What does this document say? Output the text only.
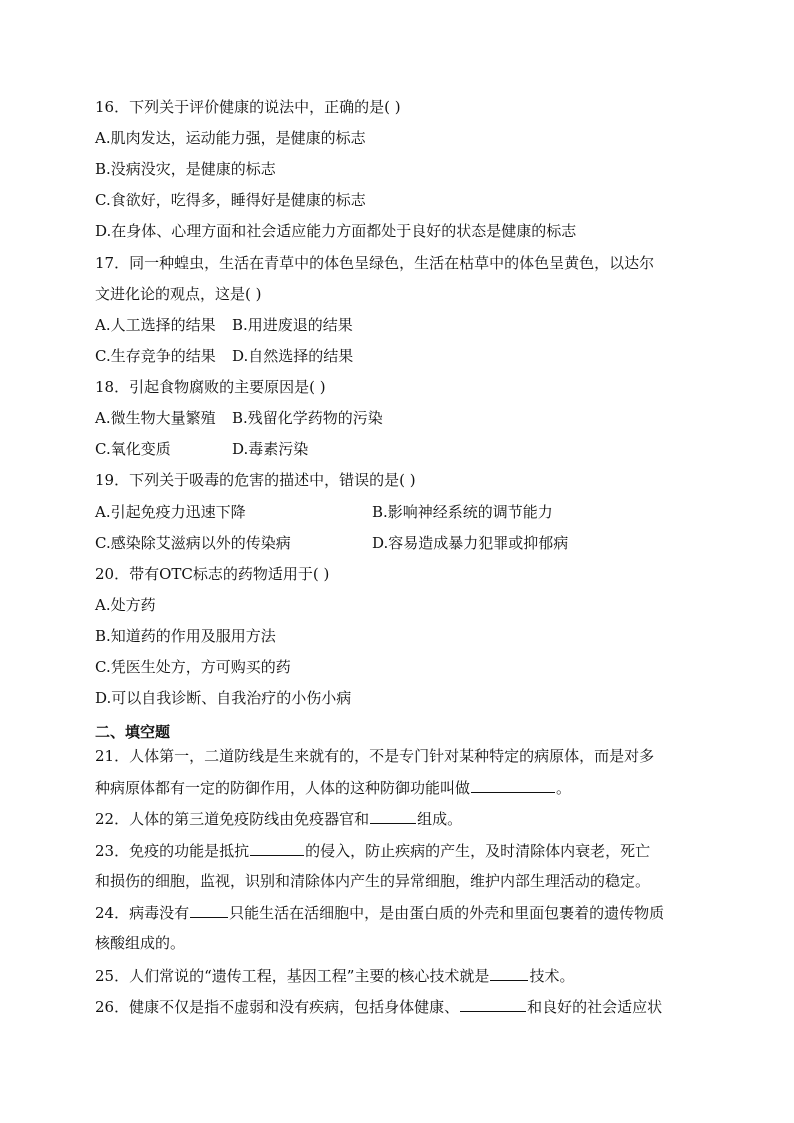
16．下列关于评价健康的说法中，正确的是( )
A.肌肉发达，运动能力强，是健康的标志
B.没病没灾，是健康的标志
C.食欲好，吃得多，睡得好是健康的标志
D.在身体、心理方面和社会适应能力方面都处于良好的状态是健康的标志
17．同一种蝗虫，生活在青草中的体色呈绿色，生活在枯草中的体色呈黄色，以达尔
文进化论的观点，这是( )
A.人工选择的结果 B.用进废退的结果
C.生存竞争的结果 D.自然选择的结果
18．引起食物腐败的主要原因是( )
A.微生物大量繁殖 B.残留化学药物的污染
C.氧化变质	D.毒素污染
19．下列关于吸毒的危害的描述中，错误的是( )
A.引起免疫力迅速下降	B.影响神经系统的调节能力
C.感染除艾滋病以外的传染病	D.容易造成暴力犯罪或抑郁病
20．带有OTC标志的药物适用于( )
A.处方药
B.知道药的作用及服用方法
C.凭医生处方，方可购买的药
D.可以自我诊断、自我治疗的小伤小病
二、填空题
21．人体第一，二道防线是生来就有的，不是专门针对某种特定的病原体，而是对多
种病原体都有一定的防御作用，人体的这种防御功能叫做	。
22．人体的第三道免疫防线由免疫器官和	组成。
23．免疫的功能是抵抗	的侵入，防止疾病的产生，及时清除体内衰老，死亡
和损伤的细胞，监视，识别和清除体内产生的异常细胞，维护内部生理活动的稳定。
24．病毒没有	只能生活在活细胞中，是由蛋白质的外壳和里面包裹着的遗传物质
核酸组成的。
25．人们常说的“遗传工程，基因工程”主要的核心技术就是	技术。
26．健康不仅是指不虚弱和没有疾病，包括身体健康、	和良好的社会适应状
